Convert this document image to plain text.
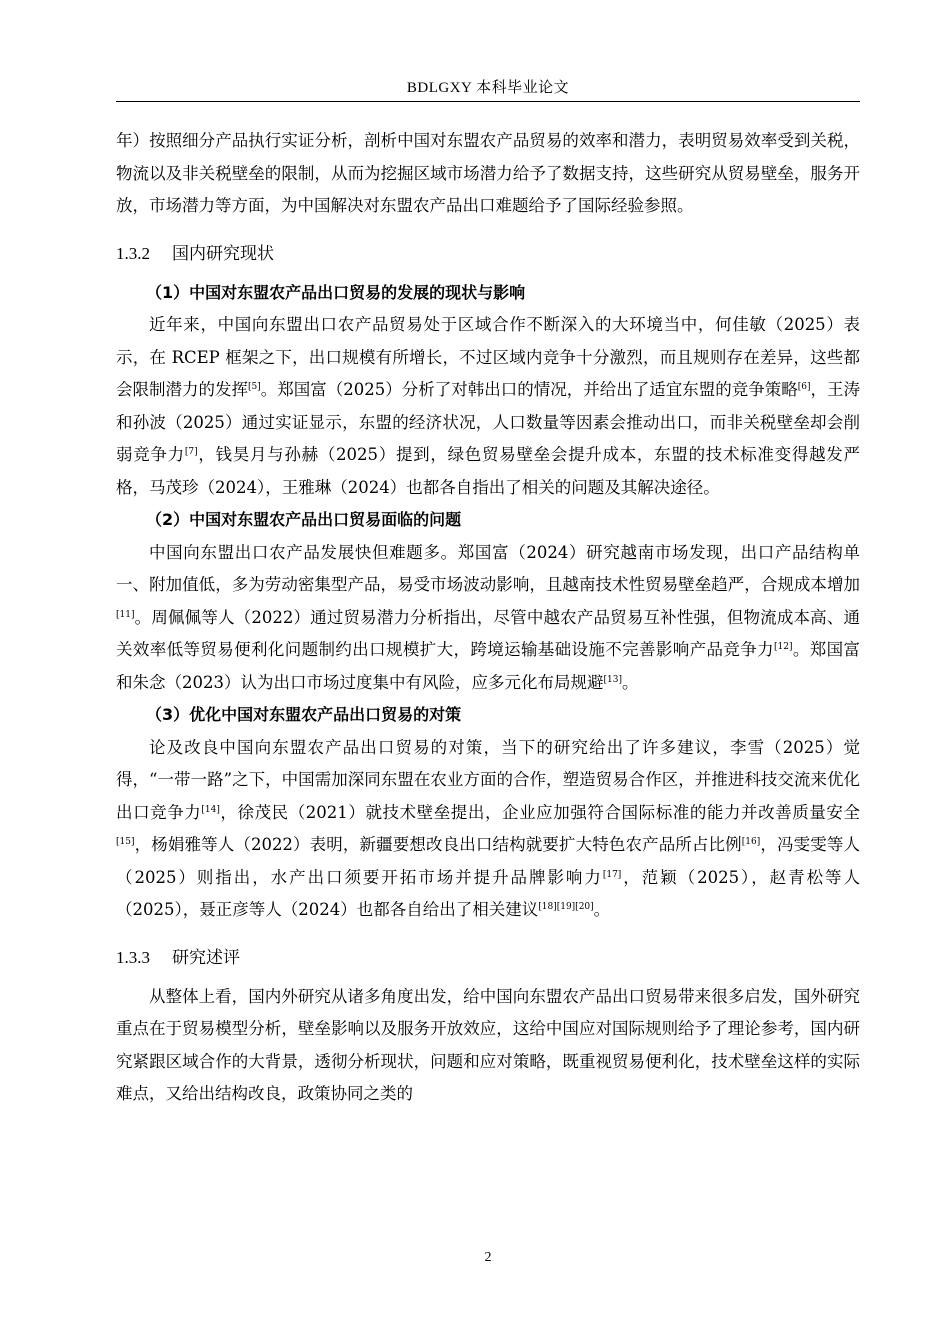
BDLGXY 本科毕业论文

年）按照细分产品执行实证分析，剖析中国对东盟农产品贸易的效率和潜力，表明贸易效率受到关税，物流以及非关税壁垒的限制，从而为挖掘区域市场潜力给予了数据支持，这些研究从贸易壁垒，服务开放，市场潜力等方面，为中国解决对东盟农产品出口难题给予了国际经验参照。

1.3.2 国内研究现状
（1）中国对东盟农产品出口贸易的发展的现状与影响

近年来，中国向东盟出口农产品贸易处于区域合作不断深入的大环境当中，何佳敏（2025）表示，在 RCEP 框架之下，出口规模有所增长，不过区域内竞争十分激烈，而且规则存在差异，这些都会限制潜力的发挥[5]。郑国富（2025）分析了对韩出口的情况，并给出了适宜东盟的竞争策略[6]，王涛和孙波（2025）通过实证显示，东盟的经济状况，人口数量等因素会推动出口，而非关税壁垒却会削弱竞争力[7]，钱昊月与孙赫（2025）提到，绿色贸易壁垒会提升成本，东盟的技术标准变得越发严格，马茂珍（2024），王雅琳（2024）也都各自指出了相关的问题及其解决途径。

（2）中国对东盟农产品出口贸易面临的问题

中国向东盟出口农产品发展快但难题多。郑国富（2024）研究越南市场发现，出口产品结构单一、附加值低，多为劳动密集型产品，易受市场波动影响，且越南技术性贸易壁垒趋严，合规成本增加[11]。周佩佩等人（2022）通过贸易潜力分析指出，尽管中越农产品贸易互补性强，但物流成本高、通关效率低等贸易便利化问题制约出口规模扩大，跨境运输基础设施不完善影响产品竞争力[12]。郑国富和朱念（2023）认为出口市场过度集中有风险，应多元化布局规避[13]。

（3）优化中国对东盟农产品出口贸易的对策

论及改良中国向东盟农产品出口贸易的对策，当下的研究给出了许多建议，李雪（2025）觉得，“一带一路”之下，中国需加深同东盟在农业方面的合作，塑造贸易合作区，并推进科技交流来优化出口竞争力[14]，徐茂民（2021）就技术壁垒提出，企业应加强符合国际标准的能力并改善质量安全[15]，杨娟雅等人（2022）表明，新疆要想改良出口结构就要扩大特色农产品所占比例[16]，冯雯雯等人（2025）则指出，水产出口须要开拓市场并提升品牌影响力[17]，范颖（2025），赵青松等人（2025），聂正彦等人（2024）也都各自给出了相关建议[18][19][20]。

1.3.3 研究述评

从整体上看，国内外研究从诸多角度出发，给中国向东盟农产品出口贸易带来很多启发，国外研究重点在于贸易模型分析，壁垒影响以及服务开放效应，这给中国应对国际规则给予了理论参考，国内研究紧跟区域合作的大背景，透彻分析现状，问题和应对策略，既重视贸易便利化，技术壁垒这样的实际难点，又给出结构改良，政策协同之类的

2
